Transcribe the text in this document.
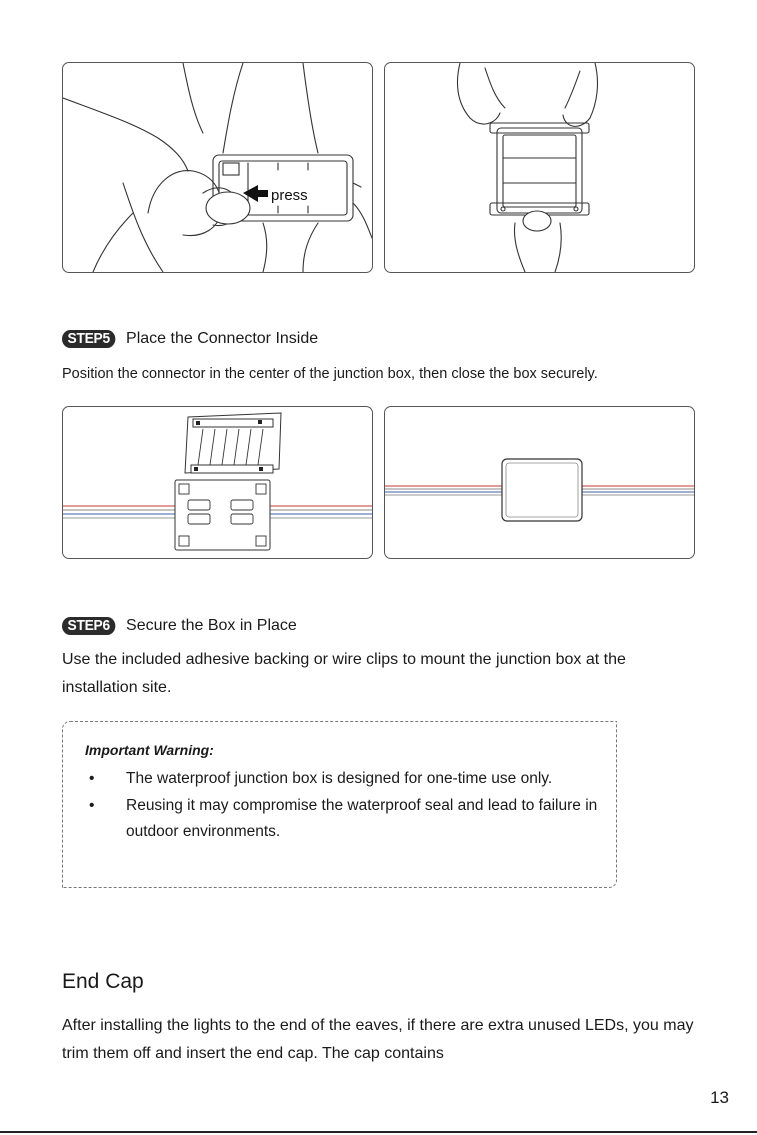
press
STEP5	Place the Connector Inside
Position the connector in the center of the junction box, then close the box securely.
STEP6	Secure the Box in Place
Use the included adhesive backing or wire clips to mount the junction box at the installation site.
Important Warning:
• The waterproof junction box is designed for one-time use only.
• Reusing it may compromise the waterproof seal and lead to failure in outdoor environments.
End Cap
After installing the lights to the end of the eaves, if there are extra unused LEDs, you may trim them off and insert the end cap. The cap contains
13
